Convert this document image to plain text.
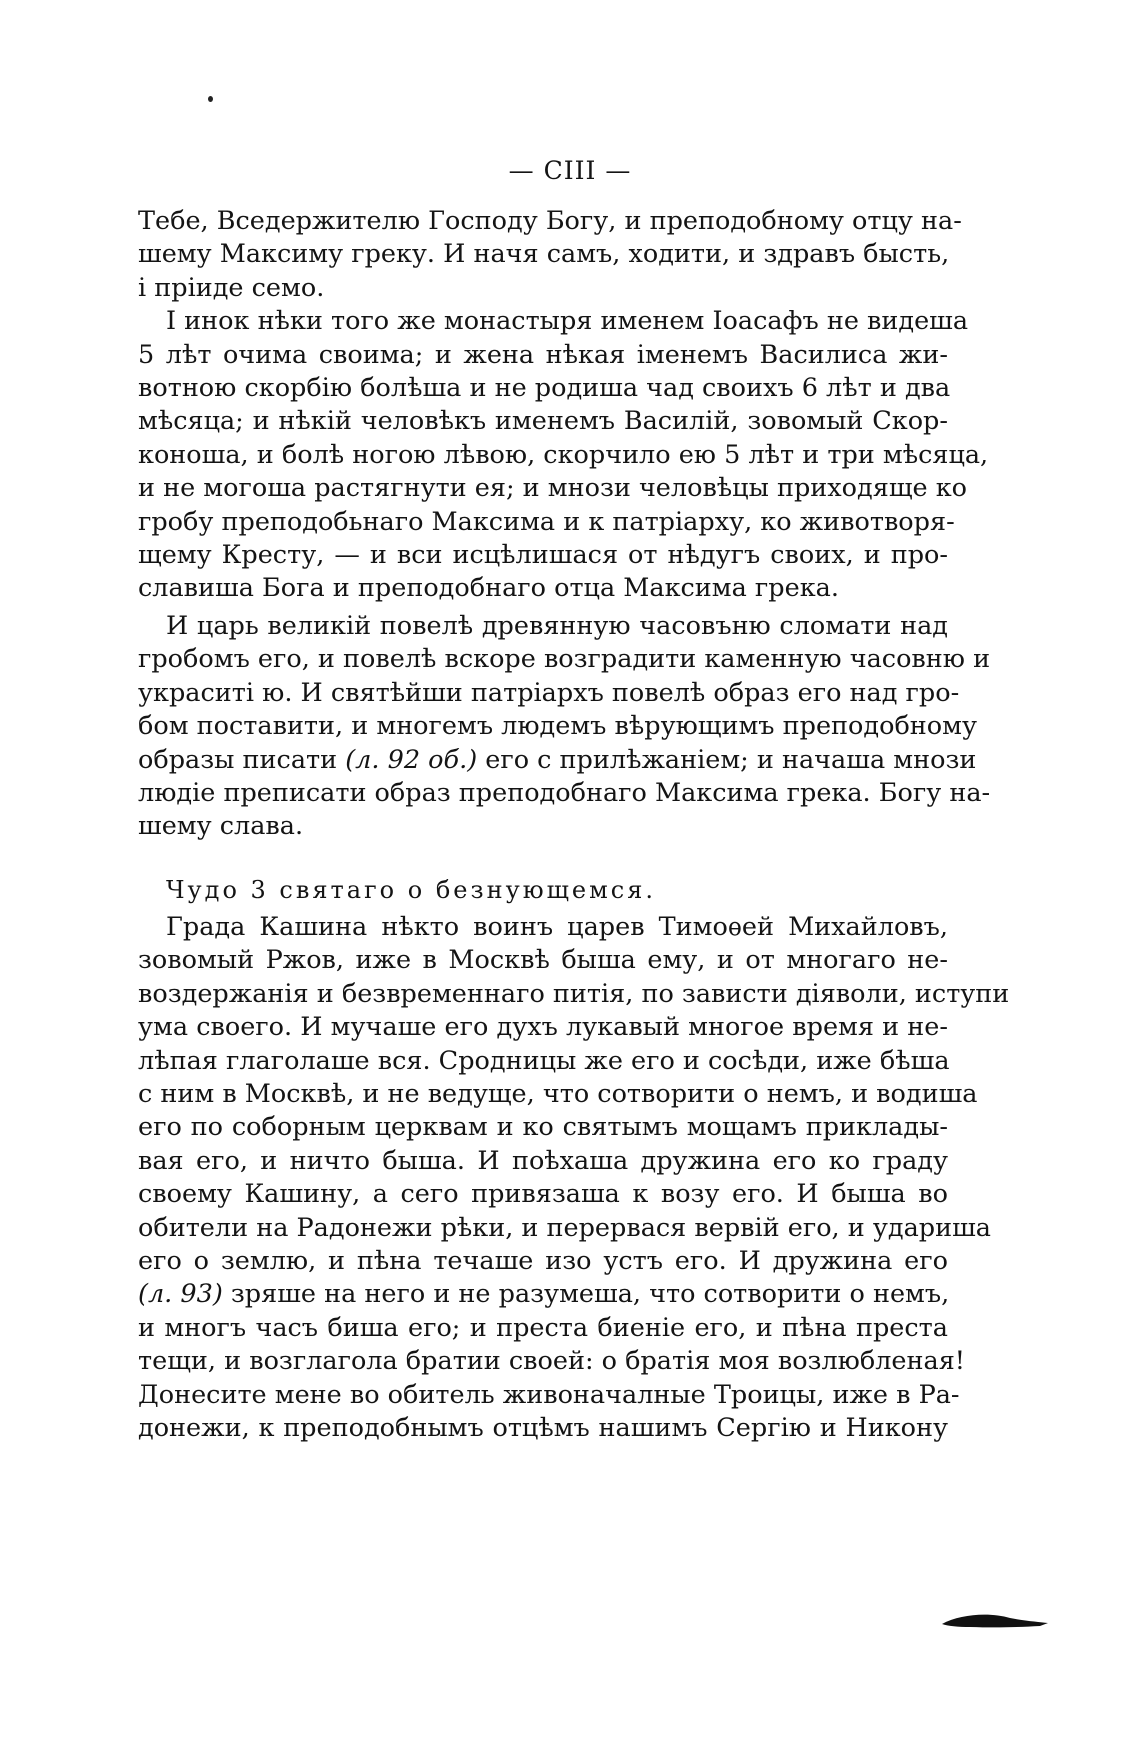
— CIII —

Тебе, Вседержителю Господу Богу, и преподобному отцу на-
шему Максиму греку. И начя самъ, ходити, и здравъ бысть,
і пріиде семо.

І инок нѣки того же монастыря именем Іоасафъ не видеша

5 лѣт очима своима; и жена нѣкая іменемъ Василиса жи-
вотною скорбію болѣша и не родиша чад своихъ 6 лѣт и два
мѣсяца; и нѣкій человѣкъ именемъ Василій, зовомый Скор-
коноша, и болѣ ногою лѣвою, скорчило ею 5 лѣт и три мѣсяца,
и не могоша растягнути ея; и мнози человѣцы приходяще ко
гробу преподобьнаго Максима и к патріарху, ко животворя-
щему Кресту, — и вси исцѣлишася от нѣдугъ своих, и про-
славиша Бога и преподобнаго отца Максима грека.

И царь великій повелѣ древянную часовъню сломати над

гробомъ его, и повелѣ вскоре возградити каменную часовню и
украситі ю. И святѣйши патріархъ повелѣ образ его над гро-
бом поставити, и многемъ людемъ вѣрующимъ преподобному
образы писати (л. 92 об.) его с прилѣжаніем; и начаша мнози
людіе преписати образ преподобнаго Максима грека. Богу на-
шему слава.

Чудо 3 святаго о безнующемся.

Града Кашина нѣкто воинъ царев Тимоѳей Михайловъ,

зовомый Ржов, иже в Москвѣ быша ему, и от многаго не-
воздержанія и безвременнаго питія, по зависти діяволи, иступи
ума своего. И мучаше его духъ лукавый многое время и не-
лѣпая глаголаше вся. Сродницы же его и сосѣди, иже бѣша
с ним в Москвѣ, и не ведуще, что сотворити о немъ, и водиша
его по соборным церквам и ко святымъ мощамъ приклады-
вая его, и ничто быша. И поѣхаша дружина его ко граду
своему Кашину, а сего привязаша к возу его. И быша во
обители на Радонежи рѣки, и перервася вервій его, и удариша
его о землю, и пѣна течаше изо устъ его. И дружина его
(л. 93) зряше на него и не разумеша, что сотворити о немъ,
и многъ часъ биша его; и преста биеніе его, и пѣна преста
тещи, и возглагола братии своей: о братія моя возлюбленая!
Донесите мене во обитель живоначалные Троицы, иже в Ра-
донежи, к преподобнымъ отцѣмъ нашимъ Сергію и Никону
